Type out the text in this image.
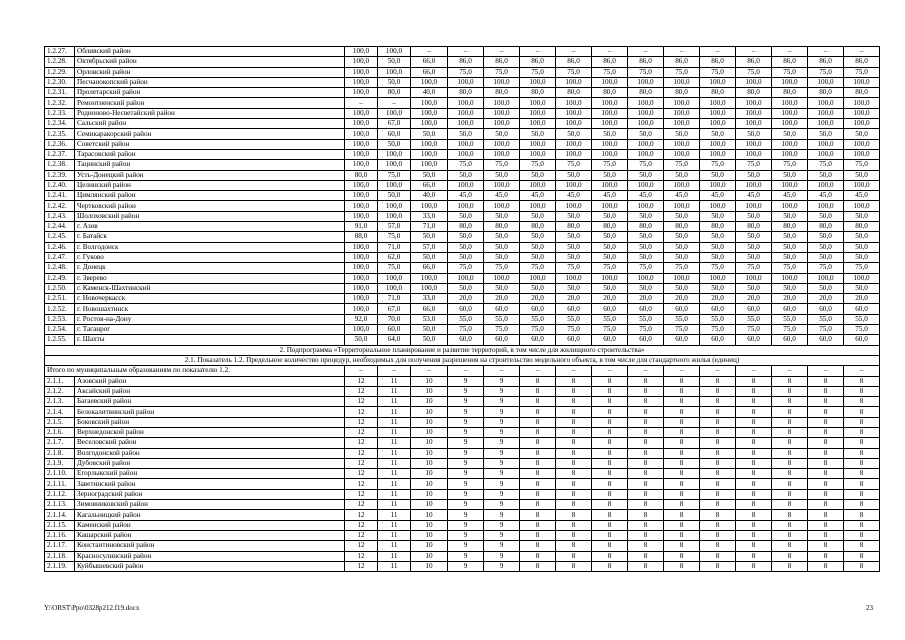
1.2.27.	Обливский район	100,0	100,0	–	–	–	–	–	–	–	–	–	–	–	–	–
1.2.28.	Октябрьский район	100,0	50,0	66,0	86,0	86,0	86,0	86,0	86,0	86,0	86,0	86,0	86,0	86,0	86,0	86,0
1.2.29.	Орловский район	100,0	100,0	66,0	75,0	75,0	75,0	75,0	75,0	75,0	75,0	75,0	75,0	75,0	75,0	75,0
1.2.30.	Песчанокопский район	100,0	50,0	100,0	100,0	100,0	100,0	100,0	100,0	100,0	100,0	100,0	100,0	100,0	100,0	100,0
1.2.31.	Пролетарский район	100,0	80,0	40,0	80,0	80,0	80,0	80,0	80,0	80,0	80,0	80,0	80,0	80,0	80,0	80,0
1.2.32.	Ремонтненский район	–	–	100,0	100,0	100,0	100,0	100,0	100,0	100,0	100,0	100,0	100,0	100,0	100,0	100,0
1.2.33.	Родионово-Несветайский район	100,0	100,0	100,0	100,0	100,0	100,0	100,0	100,0	100,0	100,0	100,0	100,0	100,0	100,0	100,0
1.2.34.	Сальский район	100,0	67,0	100,0	100,0	100,0	100,0	100,0	100,0	100,0	100,0	100,0	100,0	100,0	100,0	100,0
1.2.35.	Семикаракорский район	100,0	60,0	50,0	50,0	50,0	50,0	50,0	50,0	50,0	50,0	50,0	50,0	50,0	50,0	50,0
1.2.36.	Советский район	100,0	50,0	100,0	100,0	100,0	100,0	100,0	100,0	100,0	100,0	100,0	100,0	100,0	100,0	100,0
1.2.37.	Тарасовский район	100,0	100,0	100,0	100,0	100,0	100,0	100,0	100,0	100,0	100,0	100,0	100,0	100,0	100,0	100,0
1.2.38.	Тацинский район	100,0	100,0	100,0	75,0	75,0	75,0	75,0	75,0	75,0	75,0	75,0	75,0	75,0	75,0	75,0
1.2.39.	Усть-Донецкий район	80,0	75,0	50,0	50,0	50,0	50,0	50,0	50,0	50,0	50,0	50,0	50,0	50,0	50,0	50,0
1.2.40.	Целинский район	100,0	100,0	66,0	100,0	100,0	100,0	100,0	100,0	100,0	100,0	100,0	100,0	100,0	100,0	100,0
1.2.41.	Цимлянский район	100,0	50,0	40,0	45,0	45,0	45,0	45,0	45,0	45,0	45,0	45,0	45,0	45,0	45,0	45,0
1.2.42.	Чертковский район	100,0	100,0	100,0	100,0	100,0	100,0	100,0	100,0	100,0	100,0	100,0	100,0	100,0	100,0	100,0
1.2.43.	Шолоховский район	100,0	100,0	33,0	50,0	50,0	50,0	50,0	50,0	50,0	50,0	50,0	50,0	50,0	50,0	50,0
1.2.44.	г. Азов	91,0	57,0	71,0	80,0	80,0	80,0	80,0	80,0	80,0	80,0	80,0	80,0	80,0	80,0	80,0
1.2.45.	г. Батайск	88,0	75,0	50,0	50,0	50,0	50,0	50,0	50,0	50,0	50,0	50,0	50,0	50,0	50,0	50,0
1.2.46.	г. Волгодонск	100,0	71,0	57,0	50,0	50,0	50,0	50,0	50,0	50,0	50,0	50,0	50,0	50,0	50,0	50,0
1.2.47.	г. Гуково	100,0	62,0	50,0	50,0	50,0	50,0	50,0	50,0	50,0	50,0	50,0	50,0	50,0	50,0	50,0
1.2.48.	г. Донецк	100,0	75,0	66,0	75,0	75,0	75,0	75,0	75,0	75,0	75,0	75,0	75,0	75,0	75,0	75,0
1.2.49.	г. Зверево	100,0	100,0	100,0	100,0	100,0	100,0	100,0	100,0	100,0	100,0	100,0	100,0	100,0	100,0	100,0
1.2.50.	г. Каменск-Шахтинский	100,0	100,0	100,0	50,0	50,0	50,0	50,0	50,0	50,0	50,0	50,0	50,0	50,0	50,0	50,0
1.2.51.	г. Новочеркасск	100,0	71,0	33,0	20,0	20,0	20,0	20,0	20,0	20,0	20,0	20,0	20,0	20,0	20,0	20,0
1.2.52.	г. Новошахтинск	100,0	67,0	66,0	60,0	60,0	60,0	60,0	60,0	60,0	60,0	60,0	60,0	60,0	60,0	60,0
1.2.53.	г. Ростов-на-Дону	92,0	70,0	53,0	55,0	55,0	55,0	55,0	55,0	55,0	55,0	55,0	55,0	55,0	55,0	55,0
1.2.54.	г. Таганрог	100,0	60,0	50,0	75,0	75,0	75,0	75,0	75,0	75,0	75,0	75,0	75,0	75,0	75,0	75,0
1.2.55.	г. Шахты	50,0	64,0	50,0	60,0	60,0	60,0	60,0	60,0	60,0	60,0	60,0	60,0	60,0	60,0	60,0
2. Подпрограмма «Территориальное планирование и развитие территорий, в том числе для жилищного строительства»																
2.1. Показатель 1.2. Предельное количество процедур, необходимых для получения разрешения на строительство модельного объекта, в том числе для стандартного жилья (единиц)																
Итого по муниципальным образованиям по показателю 1.2.		–	–	–	–	–	–	–	–	–	–	–	–	–	–	–
2.1.1.	Азовский район	12	11	10	9	9	8	8	8	8	8	8	8	8	8	8
2.1.2.	Аксайский район	12	11	10	9	9	8	8	8	8	8	8	8	8	8	8
2.1.3.	Багаевский район	12	11	10	9	9	8	8	8	8	8	8	8	8	8	8
2.1.4.	Белокалитвинский район	12	11	10	9	9	8	8	8	8	8	8	8	8	8	8
2.1.5.	Боковский район	12	11	10	9	9	8	8	8	8	8	8	8	8	8	8
2.1.6.	Верхнедонской район	12	11	10	9	9	8	8	8	8	8	8	8	8	8	8
2.1.7.	Веселовский район	12	11	10	9	9	8	8	8	8	8	8	8	8	8	8
2.1.8.	Волгодонской район	12	11	10	9	9	8	8	8	8	8	8	8	8	8	8
2.1.9.	Дубовский район	12	11	10	9	9	8	8	8	8	8	8	8	8	8	8
2.1.10.	Егорлыкский район	12	11	10	9	9	8	8	8	8	8	8	8	8	8	8
2.1.11.	Заветинский район	12	11	10	9	9	8	8	8	8	8	8	8	8	8	8
2.1.12.	Зерноградский район	12	11	10	9	9	8	8	8	8	8	8	8	8	8	8
2.1.13.	Зимовниковский район	12	11	10	9	9	8	8	8	8	8	8	8	8	8	8
2.1.14.	Кагальницкий район	12	11	10	9	9	8	8	8	8	8	8	8	8	8	8
2.1.15.	Каменский район	12	11	10	9	9	8	8	8	8	8	8	8	8	8	8
2.1.16.	Кашарский район	12	11	10	9	9	8	8	8	8	8	8	8	8	8	8
2.1.17.	Константиновский район	12	11	10	9	9	8	8	8	8	8	8	8	8	8	8
2.1.18.	Красносулинский район	12	11	10	9	9	8	8	8	8	8	8	8	8	8	8
2.1.19.	Куйбышевский район	12	11	10	9	9	8	8	8	8	8	8	8	8	8	8
Y:\ORST\Ppo\0328p212.f19.docx	23
